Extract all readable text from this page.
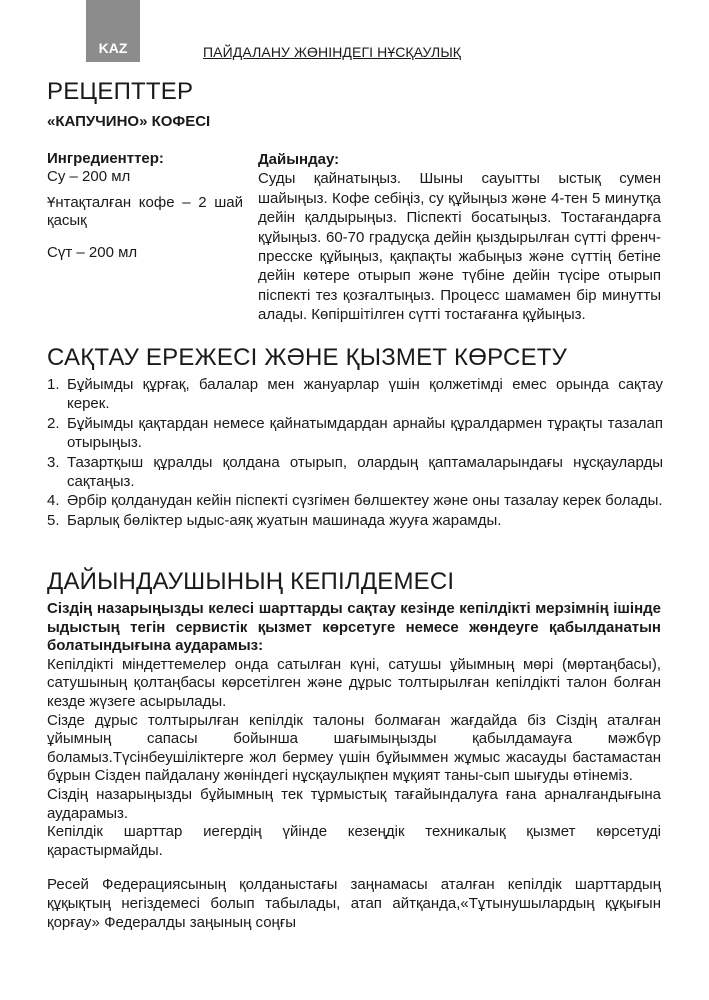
KAZ	ПАЙДАЛАНУ ЖӨНІНДЕГІ НҰСҚАУЛЫҚ
РЕЦЕПТТЕР
«КАПУЧИНО» КОФЕСІ
Ингредиенттер:

Су – 200 мл

Ұнтақталған кофе – 2 шай қасық

Сүт – 200 мл

Дайындау:

Суды қайнатыңыз. Шыны сауытты ыстық сумен шайыңыз. Кофе себіңіз, су құйыңыз және 4-тен 5 минутқа дейін қалдырыңыз. Піспекті босатыңыз. Тостағандарға құйыңыз. 60-70 градусқа дейін қыздырылған сүтті френч-пресске құйыңыз, қақпақты жабыңыз және сүттің бетіне дейін көтере отырып және түбіне дейін түсіре отырып піспекті тез қозғалтыңыз. Процесс шамамен бір минутты алады. Көпіршітілген сүтті тостағанға құйыңыз.

САҚТАУ ЕРЕЖЕСІ ЖӘНЕ ҚЫЗМЕТ КӨРСЕТУ
1. Бұйымды құрғақ, балалар мен жануарлар үшін қолжетімді емес орында сақтау керек.
2. Бұйымды қақтардан немесе қайнатымдардан арнайы құралдармен тұрақты тазалап отырыңыз.
3. Тазартқыш құралды қолдана отырып, олардың қаптамаларындағы нұсқауларды сақтаңыз.
4. Әрбір қолданудан кейін піспекті сүзгімен бөлшектеу және оны тазалау керек болады.
5. Барлық бөліктер ыдыс-аяқ жуатын машинада жууға жарамды.
ДАЙЫНДАУШЫНЫҢ КЕПІЛДЕМЕСІ

Сіздің назарыңызды келесі шарттарды сақтау кезінде кепілдікті мерзімнің ішінде ыдыстың тегін сервистік қызмет көрсетуге немесе жөндеуге қабылданатын болатындығына аударамыз:

Кепілдікті міндеттемелер онда сатылған күні, сатушы ұйымның мөрі (мөртаңбасы), сатушының қолтаңбасы көрсетілген және дұрыс толтырылған кепілдікті талон болған кезде жүзеге асырылады.

Сізде дұрыс толтырылған кепілдік талоны болмаған жағдайда біз Сіздің аталған ұйымның сапасы бойынша шағымыңызды қабылдамауға мәжбүр боламыз.Түсінбеушіліктерге жол бермеу үшін бұйыммен жұмыс жасауды бастамастан бұрын Сізден пайдалану жөніндегі нұсқаулықпен мұқият таны-сып шығуды өтінеміз.

Сіздің назарыңызды бұйымның тек тұрмыстық тағайындалуға ғана арналғандығына аударамыз.

Кепілдік шарттар иегердің үйінде кезеңдік техникалық қызмет көрсетуді қарастырмайды.

Ресей Федерациясының қолданыстағы заңнамасы аталған кепілдік шарттардың құқықтың негіздемесі болып табылады, атап айтқанда,«Тұтынушылардың құқығын қорғау» Федералды заңының соңғы
